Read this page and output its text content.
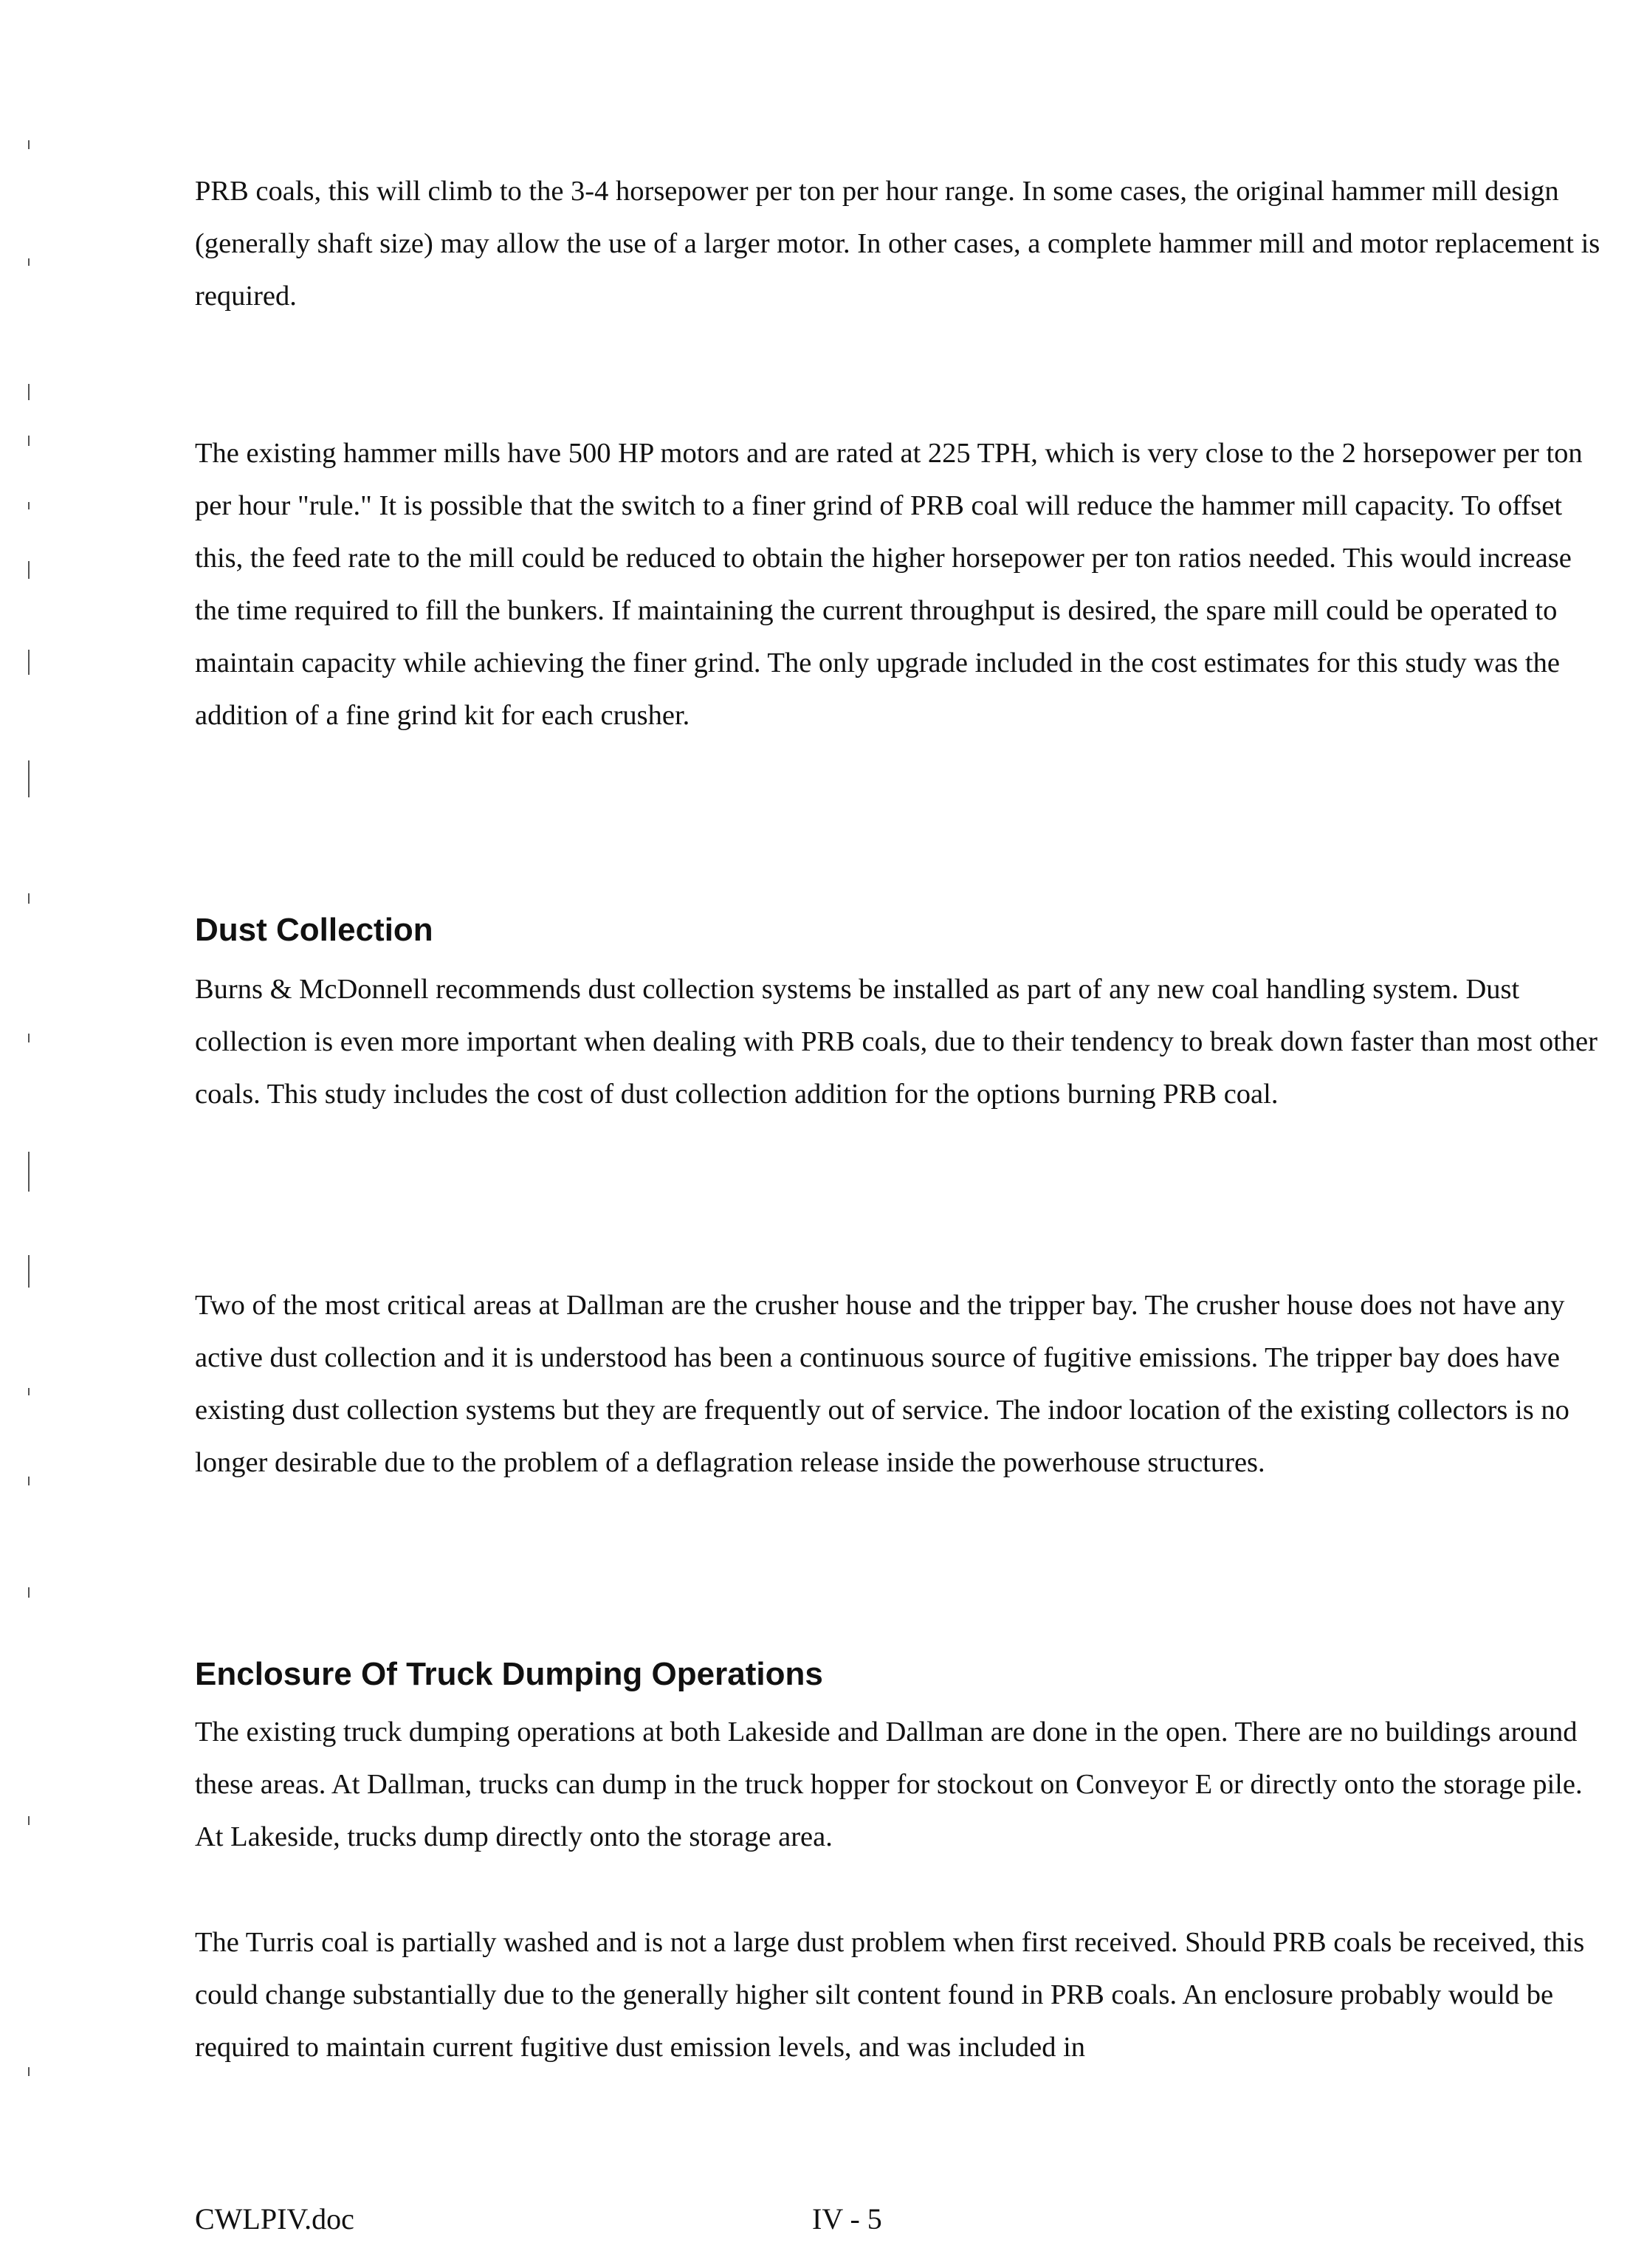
PRB coals, this will climb to the 3-4 horsepower per ton per hour range. In some cases, the original hammer mill design (generally shaft size) may allow the use of a larger motor. In other cases, a complete hammer mill and motor replacement is required.

The existing hammer mills have 500 HP motors and are rated at 225 TPH, which is very close to the 2 horsepower per ton per hour "rule." It is possible that the switch to a finer grind of PRB coal will reduce the hammer mill capacity. To offset this, the feed rate to the mill could be reduced to obtain the higher horsepower per ton ratios needed. This would increase the time required to fill the bunkers. If maintaining the current throughput is desired, the spare mill could be operated to maintain capacity while achieving the finer grind. The only upgrade included in the cost estimates for this study was the addition of a fine grind kit for each crusher.

Dust Collection

Burns & McDonnell recommends dust collection systems be installed as part of any new coal handling system. Dust collection is even more important when dealing with PRB coals, due to their tendency to break down faster than most other coals. This study includes the cost of dust collection addition for the options burning PRB coal.

Two of the most critical areas at Dallman are the crusher house and the tripper bay. The crusher house does not have any active dust collection and it is understood has been a continuous source of fugitive emissions. The tripper bay does have existing dust collection systems but they are frequently out of service. The indoor location of the existing collectors is no longer desirable due to the problem of a deflagration release inside the powerhouse structures.

Enclosure Of Truck Dumping Operations

The existing truck dumping operations at both Lakeside and Dallman are done in the open. There are no buildings around these areas. At Dallman, trucks can dump in the truck hopper for stockout on Conveyor E or directly onto the storage pile. At Lakeside, trucks dump directly onto the storage area.

The Turris coal is partially washed and is not a large dust problem when first received. Should PRB coals be received, this could change substantially due to the generally higher silt content found in PRB coals. An enclosure probably would be required to maintain current fugitive dust emission levels, and was included in

CWLPIV.doc	IV - 5
